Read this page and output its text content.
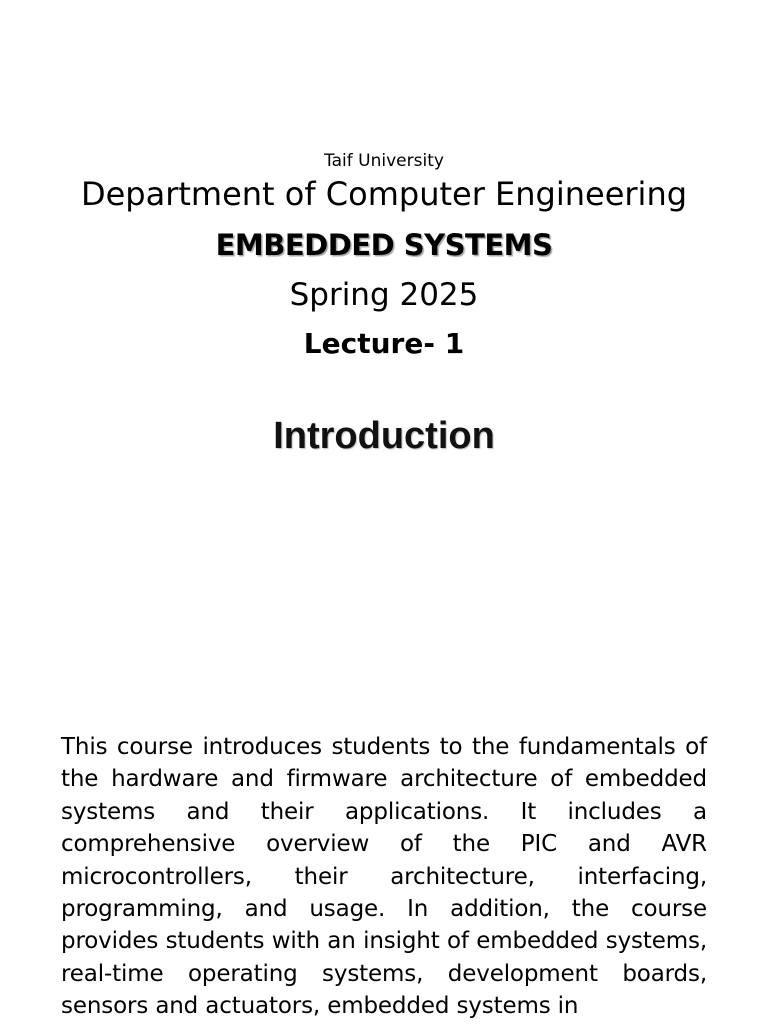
Taif University
Department of Computer Engineering
EMBEDDED SYSTEMS
Spring 2025
Lecture- 1
Introduction

This course introduces students to the fundamentals of the hardware and firmware architecture of embedded systems and their applications. It includes a comprehensive overview of the PIC and AVR microcontrollers, their architecture, interfacing, programming, and usage. In addition, the course provides students with an insight of embedded systems, real-time operating systems, development boards, sensors and actuators, embedded systems in
